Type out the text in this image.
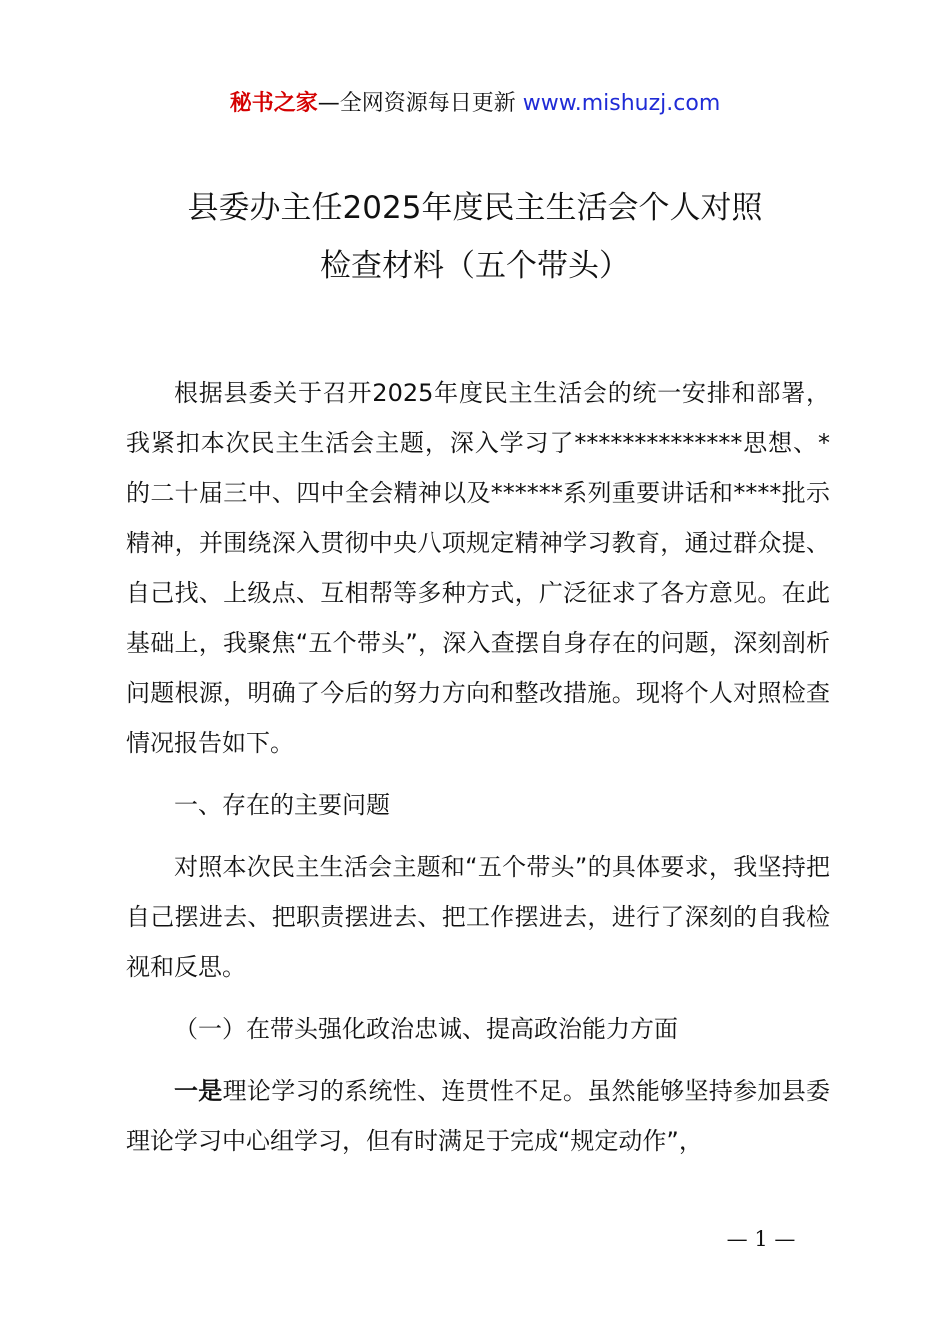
秘书之家—全网资源每日更新 www.mishuzj.com
县委办主任2025年度民主生活会个人对照
检查材料（五个带头）

根据县委关于召开2025年度民主生活会的统一安排和部署，我紧扣本次民主生活会主题，深入学习了**************思想、*的二十届三中、四中全会精神以及******系列重要讲话和****批示精神，并围绕深入贯彻中央八项规定精神学习教育，通过群众提、自己找、上级点、互相帮等多种方式，广泛征求了各方意见。在此基础上，我聚焦“五个带头”，深入查摆自身存在的问题，深刻剖析问题根源，明确了今后的努力方向和整改措施。现将个人对照检查情况报告如下。

一、存在的主要问题

对照本次民主生活会主题和“五个带头”的具体要求，我坚持把自己摆进去、把职责摆进去、把工作摆进去，进行了深刻的自我检视和反思。

（一）在带头强化政治忠诚、提高政治能力方面

一是理论学习的系统性、连贯性不足。虽然能够坚持参加县委理论学习中心组学习，但有时满足于完成“规定动作”，

— 1 —
